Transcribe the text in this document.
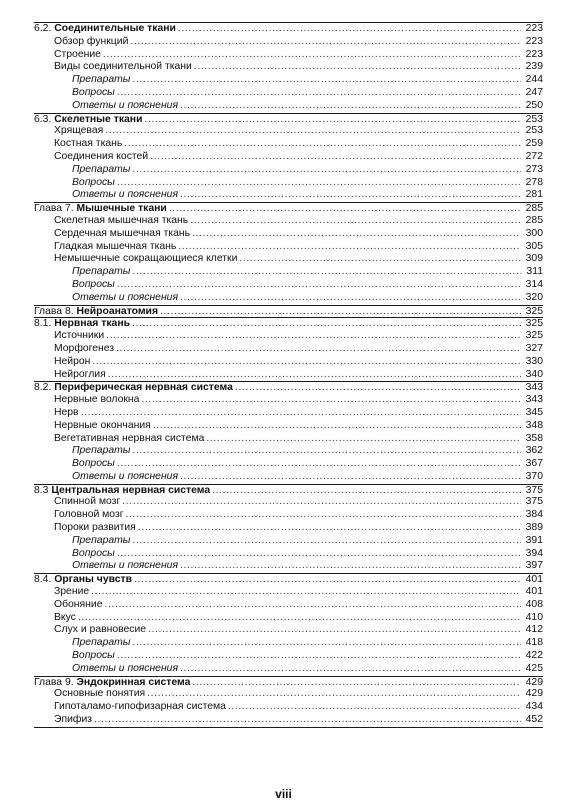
6.2. Соединительные ткани .....	223
Обзор функций .....	223
Строение .....	223
Виды соединительной ткани .....	239
Препараты .....	244
Вопросы .....	247
Ответы и пояснения .....	250
6.3. Скелетные ткани .....	253
Хрящевая .....	253
Костная ткань .....	259
Соединения костей .....	272
Препараты .....	273
Вопросы .....	278
Ответы и пояснения .....	281
Глава 7. Мышечные ткани .....	285
Скелетная мышечная ткань .....	285
Сердечная мышечная ткань .....	300
Гладкая мышечная ткань .....	305
Немышечные сокращающиеся клетки .....	309
Препараты .....	311
Вопросы .....	314
Ответы и пояснения .....	320
Глава 8. Нейроанатомия .....	325
8.1. Нервная ткань .....	325
Источники .....	325
Морфогенез .....	327
Нейрон .....	330
Нейроглия .....	340
8.2. Периферическая нервная система .....	343
Нервные волокна .....	343
Нерв .....	345
Нервные окончания .....	348
Вегетативная нервная система .....	358
Препараты .....	362
Вопросы .....	367
Ответы и пояснения .....	370
8.3 Центральная нервная система .....	375
Спинной мозг .....	375
Головной мозг .....	384
Пороки развития .....	389
Препараты .....	391
Вопросы .....	394
Ответы и пояснения .....	397
8.4. Органы чувств .....	401
Зрение .....	401
Обоняние .....	408
Вкус .....	410
Слух и равновесие .....	412
Препараты .....	418
Вопросы .....	422
Ответы и пояснения .....	425
Глава 9. Эндокринная система .....	429
Основные понятия .....	429
Гипоталамо-гипофизарная система .....	434
Эпифиз .....	452
viii
